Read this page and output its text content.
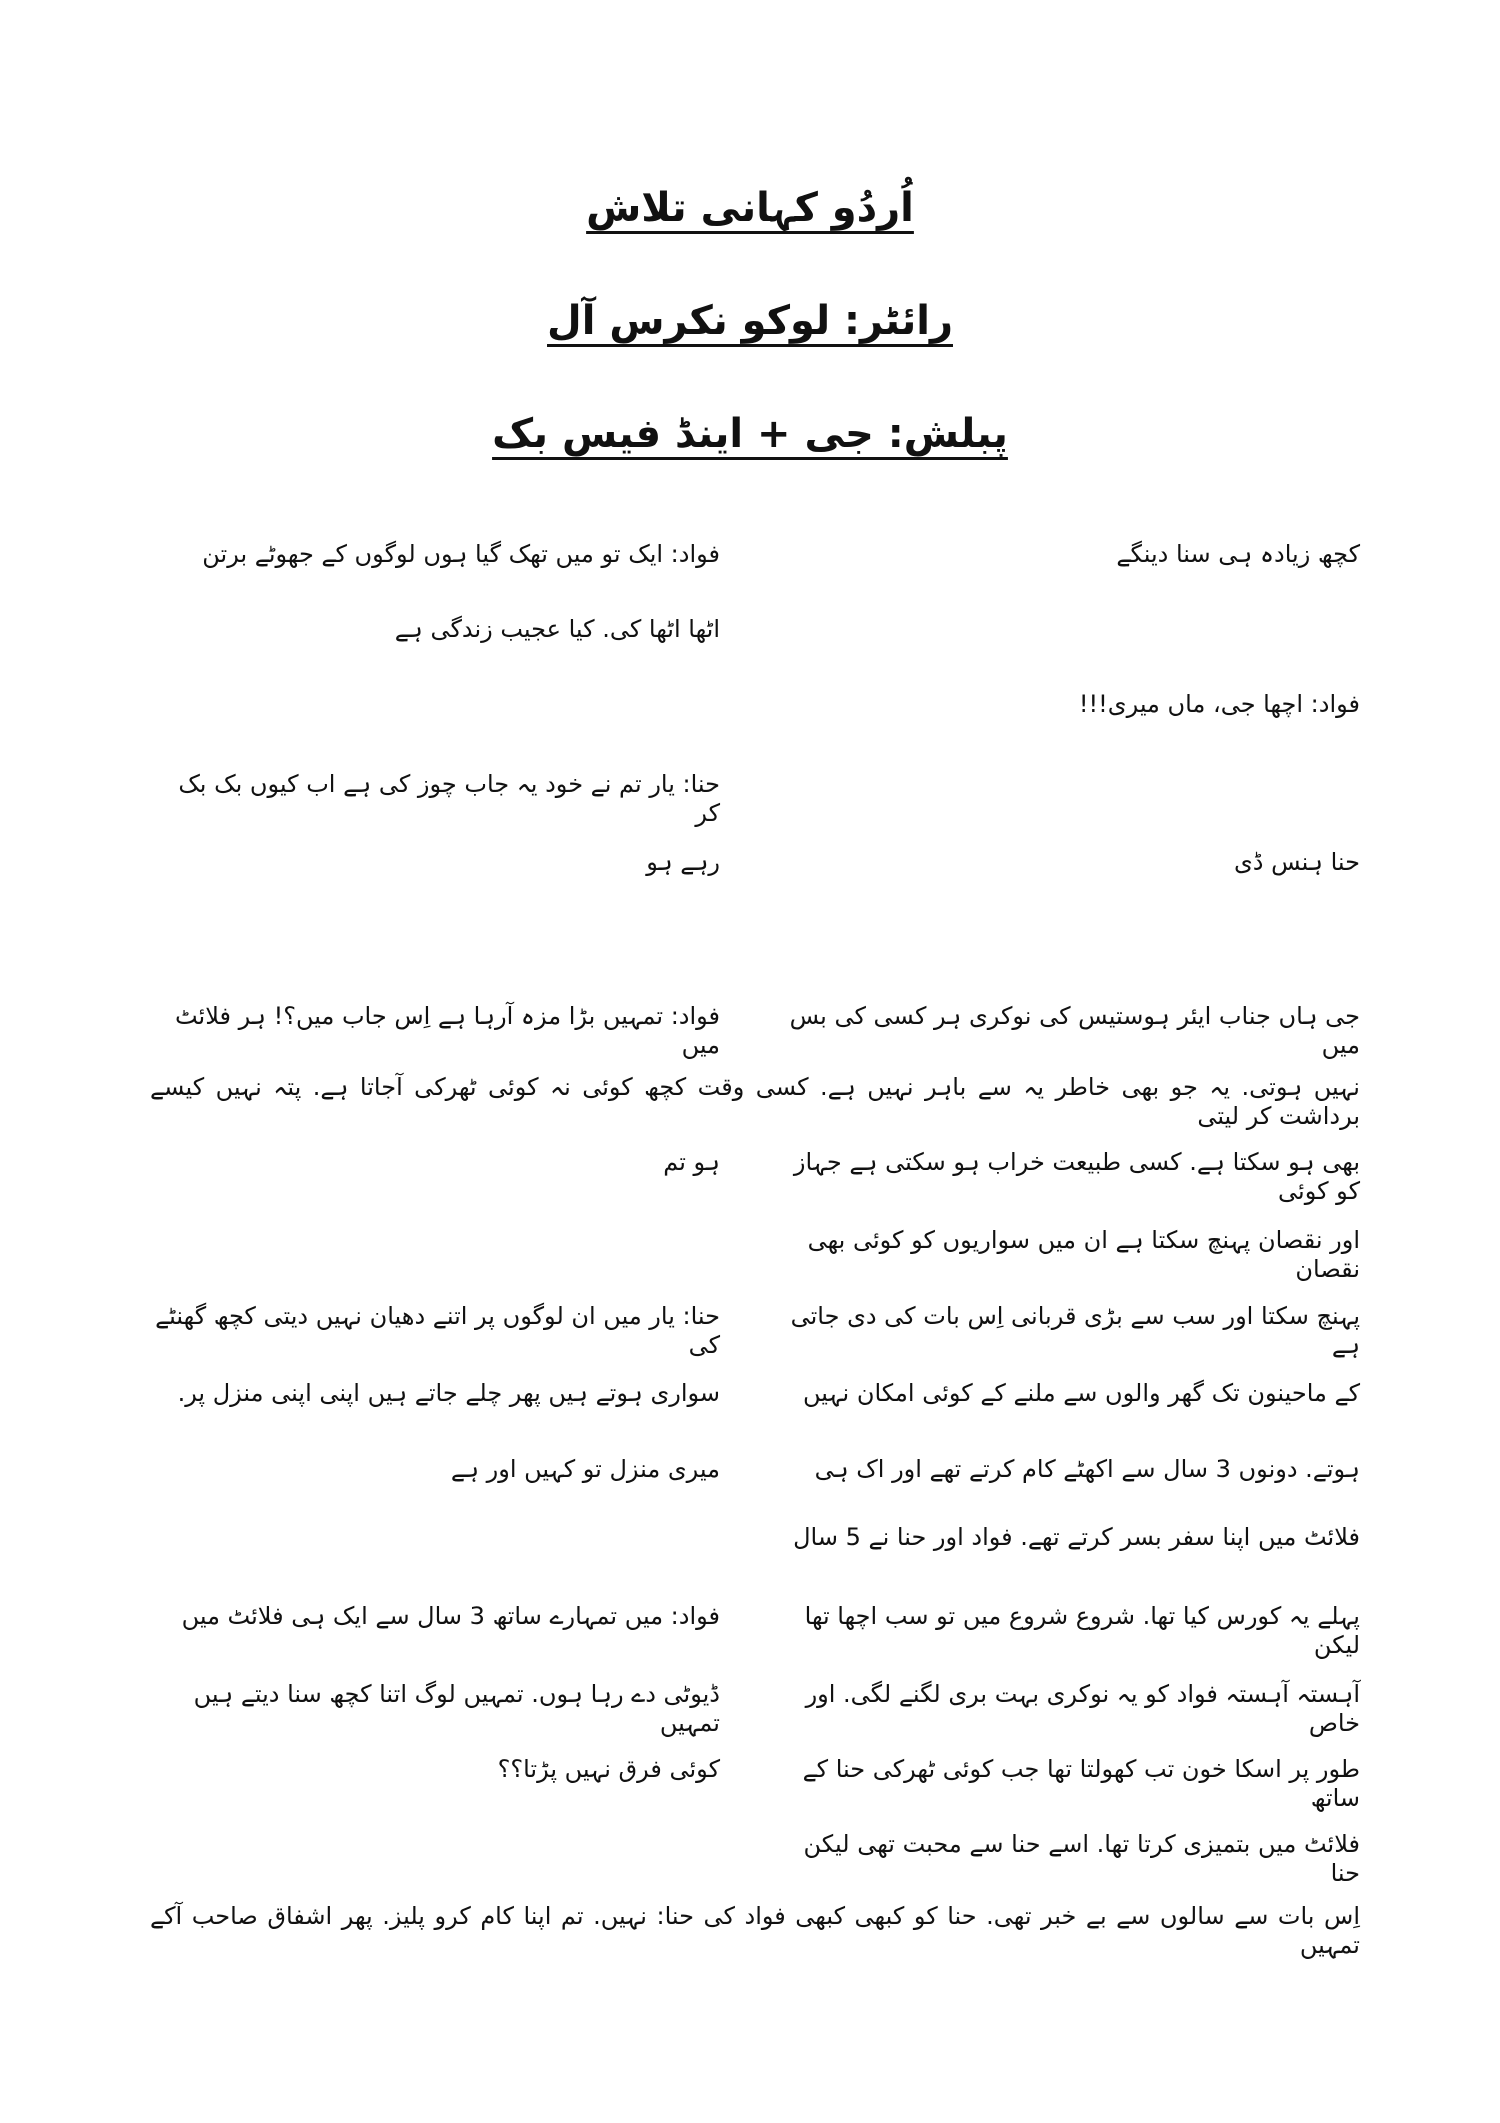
اُردُو کہانی تلاش
رائٹر: لوکو نکرس آل
پبلش: جی + اینڈ فیس بک
کچھ زیادہ ہی سنا دینگے
فواد: ایک تو میں تھک گیا ہوں لوگوں کے جھوٹے برتن
اٹھا اٹھا کی. کیا عجیب زندگی ہے
فواد: اچھا جی، ماں میری!!!
حنا: یار تم نے خود یہ جاب چوز کی ہے اب کیوں بک بک کر
حنا ہنس ڈی
رہے ہو
جی ہاں جناب ایئر ہوستیس کی نوکری ہر کسی کی بس میں
فواد: تمہیں بڑا مزہ آرہا ہے اِس جاب میں؟! ہر فلائٹ میں
نہیں ہوتی. یہ جو بھی خاطر یہ سے باہر نہیں ہے. کسی وقت کچھ کوئی نہ کوئی ٹھرکی آجاتا ہے. پتہ نہیں کیسے برداشت کر لیتی
بھی ہو سکتا ہے. کسی طبیعت خراب ہو سکتی ہے جہاز کو کوئی
ہو تم
اور نقصان پہنچ سکتا ہے ان میں سواریوں کو کوئی بھی نقصان
پہنچ سکتا اور سب سے بڑی قربانی اِس بات کی دی جاتی ہے
حنا: یار میں ان لوگوں پر اتنے دھیان نہیں دیتی کچھ گھنٹے کی
کے ماحینون تک گھر والوں سے ملنے کے کوئی امکان نہیں
سواری ہوتے ہیں پھر چلے جاتے ہیں اپنی اپنی منزل پر.
ہوتے. دونوں 3 سال سے اکھٹے کام کرتے تھے اور اک ہی
میری منزل تو کہیں اور ہے
فلائٹ میں اپنا سفر بسر کرتے تھے. فواد اور حنا نے 5 سال
پہلے یہ کورس کیا تھا. شروع شروع میں تو سب اچھا تھا لیکن
فواد: میں تمہارے ساتھ 3 سال سے ایک ہی فلائٹ میں
آہستہ آہستہ فواد کو یہ نوکری بہت بری لگنے لگی. اور خاص
ڈیوٹی دے رہا ہوں. تمہیں لوگ اتنا کچھ سنا دیتے ہیں تمہیں
طور پر اسکا خون تب کھولتا تھا جب کوئی ٹھرکی حنا کے ساتھ
کوئی فرق نہیں پڑتا؟؟
فلائٹ میں بتمیزی کرتا تھا. اسے حنا سے محبت تھی لیکن حنا
اِس بات سے سالوں سے بے خبر تھی. حنا کو کبھی کبھی فواد کی حنا: نہیں. تم اپنا کام کرو پلیز. پھر اشفاق صاحب آکے تمہیں
